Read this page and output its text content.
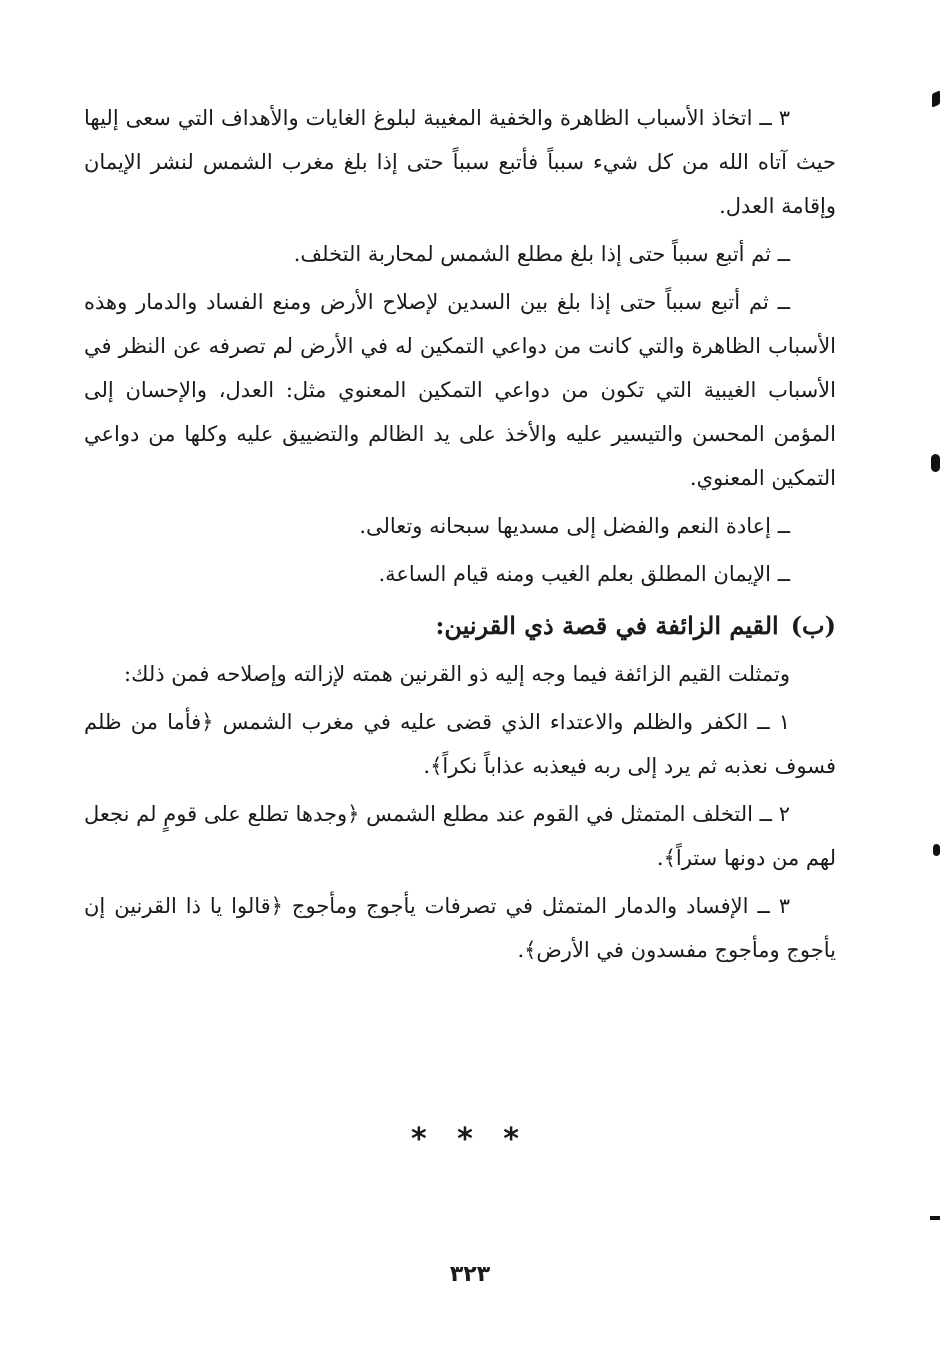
٣ ــ اتخاذ الأسباب الظاهرة والخفية المغيبة لبلوغ الغايات والأهداف التي سعى إليها حيث آتاه الله من كل شيء سبباً فأتبع سبباً حتى إذا بلغ مغرب الشمس لنشر الإيمان وإقامة العدل.

ــ ثم أتبع سبباً حتى إذا بلغ مطلع الشمس لمحاربة التخلف.

ــ ثم أتبع سبباً حتى إذا بلغ بين السدين لإصلاح الأرض ومنع الفساد والدمار وهذه الأسباب الظاهرة والتي كانت من دواعي التمكين له في الأرض لم تصرفه عن النظر في الأسباب الغيبية التي تكون من دواعي التمكين المعنوي مثل: العدل، والإحسان إلى المؤمن المحسن والتيسير عليه والأخذ على يد الظالم والتضييق عليه وكلها من دواعي التمكين المعنوي.

ــ إعادة النعم والفضل إلى مسديها سبحانه وتعالى.

ــ الإيمان المطلق بعلم الغيب ومنه قيام الساعة.

(ب)القيم الزائفة في قصة ذي القرنين:

وتمثلت القيم الزائفة فيما وجه إليه ذو القرنين همته لإزالته وإصلاحه فمن ذلك:

١ ــ الكفر والظلم والاعتداء الذي قضى عليه في مغرب الشمس ﴿فأما من ظلم فسوف نعذبه ثم يرد إلى ربه فيعذبه عذاباً نكراً﴾.

٢ ــ التخلف المتمثل في القوم عند مطلع الشمس ﴿وجدها تطلع على قومٍ لم نجعل لهم من دونها ستراً﴾.

٣ ــ الإفساد والدمار المتمثل في تصرفات يأجوج ومأجوج ﴿قالوا يا ذا القرنين إن يأجوج ومأجوج مفسدون في الأرض﴾.

* * *
٣٢٣
